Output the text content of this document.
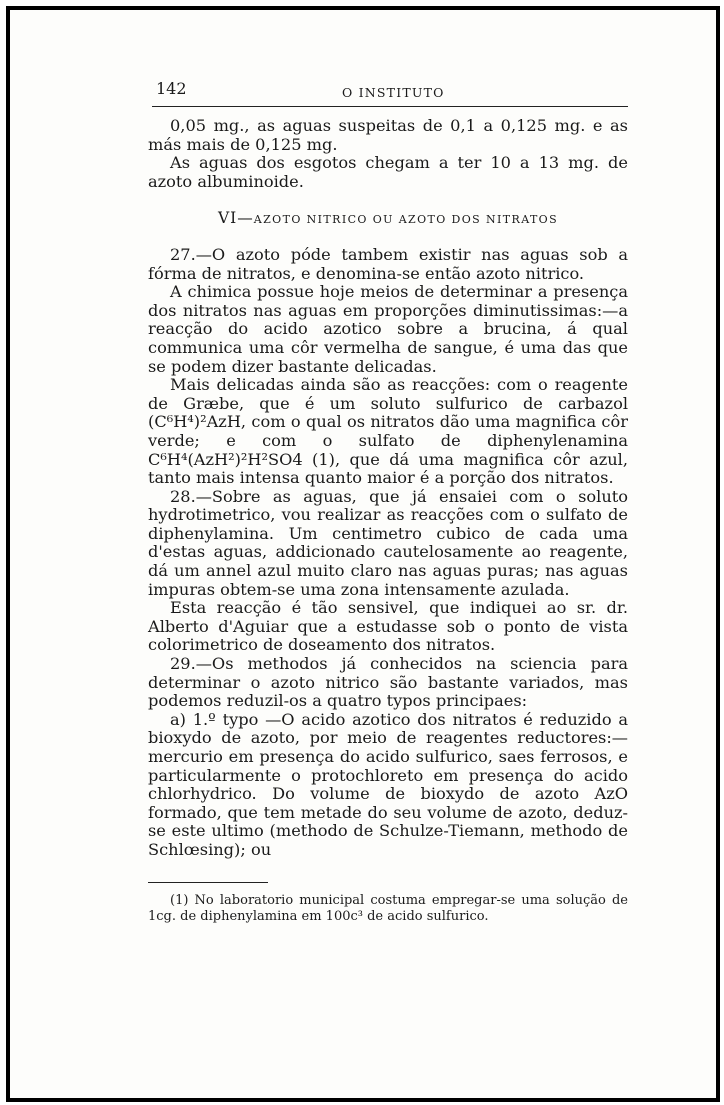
142	O INSTITUTO

0,05 mg., as aguas suspeitas de 0,1 a 0,125 mg. e as más mais de 0,125 mg.

As aguas dos esgotos chegam a ter 10 a 13 mg. de azoto albuminoide.

VI—AZOTO NITRICO OU AZOTO DOS NITRATOS

27.—O azoto póde tambem existir nas aguas sob a fórma de nitratos, e denomina-se então azoto nitrico.

A chimica possue hoje meios de determinar a presença dos nitratos nas aguas em proporções diminutissimas:—a reacção do acido azotico sobre a brucina, á qual communica uma côr vermelha de sangue, é uma das que se podem dizer bastante delicadas.

Mais delicadas ainda são as reacções: com o reagente de Græbe, que é um soluto sulfurico de carbazol (C⁶H⁴)²AzH, com o qual os nitratos dão uma magnifica côr verde; e com o sulfato de diphenylenamina C⁶H⁴(AzH²)²H²SO4 (1), que dá uma magnifica côr azul, tanto mais intensa quanto maior é a porção dos nitratos.

28.—Sobre as aguas, que já ensaiei com o soluto hydrotimetrico, vou realizar as reacções com o sulfato de diphenylamina. Um centimetro cubico de cada uma d'estas aguas, addicionado cautelosamente ao reagente, dá um annel azul muito claro nas aguas puras; nas aguas impuras obtem-se uma zona intensamente azulada.

Esta reacção é tão sensivel, que indiquei ao sr. dr. Alberto d'Aguiar que a estudasse sob o ponto de vista colorimetrico de doseamento dos nitratos.

29.—Os methodos já conhecidos na sciencia para determinar o azoto nitrico são bastante variados, mas podemos reduzil-os a quatro typos principaes:

a) 1.º typo —O acido azotico dos nitratos é reduzido a bioxydo de azoto, por meio de reagentes reductores:—mercurio em presença do acido sulfurico, saes ferrosos, e particularmente o protochloreto em presença do acido chlorhydrico. Do volume de bioxydo de azoto AzO formado, que tem metade do seu volume de azoto, deduz-se este ultimo (methodo de Schulze-Tiemann, methodo de Schlœsing); ou

(1) No laboratorio municipal costuma empregar-se uma solução de 1cg. de diphenylamina em 100c³ de acido sulfurico.
